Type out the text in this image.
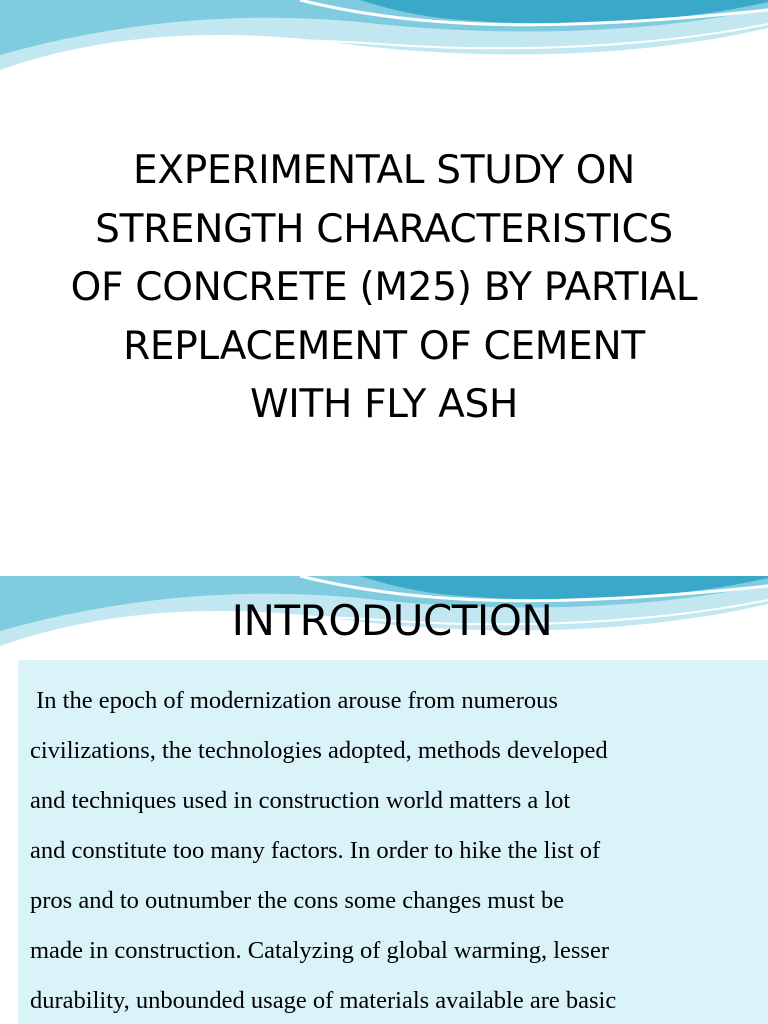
EXPERIMENTAL STUDY ON
STRENGTH CHARACTERISTICS
OF CONCRETE (M25) BY PARTIAL
REPLACEMENT OF CEMENT
WITH FLY ASH
INTRODUCTION
In the epoch of modernization arouse from numerous
civilizations, the technologies adopted, methods developed
and techniques used in construction world matters a lot
and constitute too many factors. In order to hike the list of
pros and to outnumber the cons some changes must be
made in construction. Catalyzing of global warming, lesser
durability, unbounded usage of materials available are basic
